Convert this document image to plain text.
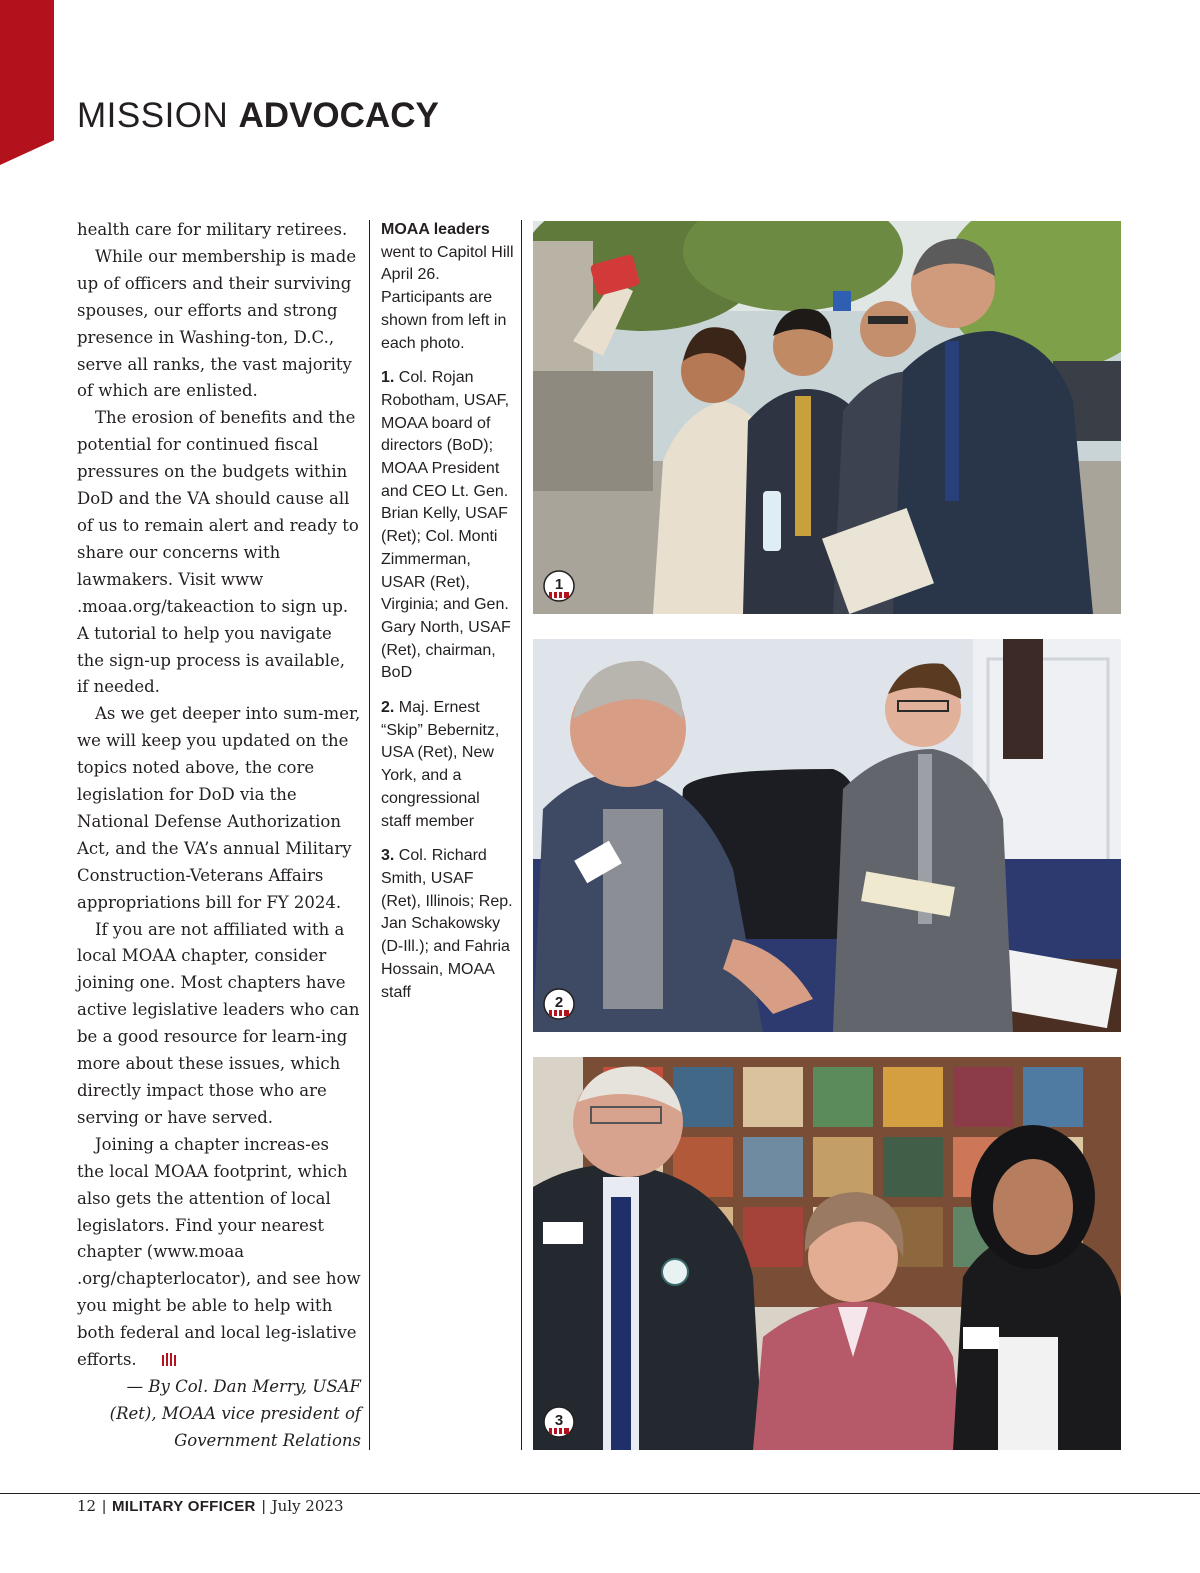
MISSION ADVOCACY

health care for military retirees.

While our membership is made up of officers and their surviving spouses, our efforts and strong presence in Washing-ton, D.C., serve all ranks, the vast majority of which are enlisted.

The erosion of benefits and the potential for continued fiscal pressures on the budgets within DoD and the VA should cause all of us to remain alert and ready to share our concerns with lawmakers. Visit www .moaa.org/takeaction to sign up. A tutorial to help you navigate the sign-up process is available, if needed.

As we get deeper into sum-mer, we will keep you updated on the topics noted above, the core legislation for DoD via the National Defense Authorization Act, and the VA’s annual Military Construction-Veterans Affairs appropriations bill for FY 2024.

If you are not affiliated with a local MOAA chapter, consider joining one. Most chapters have active legislative leaders who can be a good resource for learn-ing more about these issues, which directly impact those who are serving or have served.

Joining a chapter increas-es the local MOAA footprint, which also gets the attention of local legislators. Find your nearest chapter (www.moaa .org/chapterlocator), and see how you might be able to help with both federal and local leg-islative efforts.

— By Col. Dan Merry, USAF (Ret), MOAA vice president of Government Relations

MOAA leaders went to Capitol Hill April 26. Participants are shown from left in each photo.

1. Col. Rojan Robotham, USAF, MOAA board of directors (BoD); MOAA President and CEO Lt. Gen. Brian Kelly, USAF (Ret); Col. Monti Zimmerman, USAR (Ret), Virginia; and Gen. Gary North, USAF (Ret), chairman, BoD

2. Maj. Ernest “Skip” Bebernitz, USA (Ret), New York, and a congressional staff member

3. Col. Richard Smith, USAF (Ret), Illinois; Rep. Jan Schakowsky (D-Ill.); and Fahria Hossain, MOAA staff

1
2
3
12 | MILITARY OFFICER | July 2023
